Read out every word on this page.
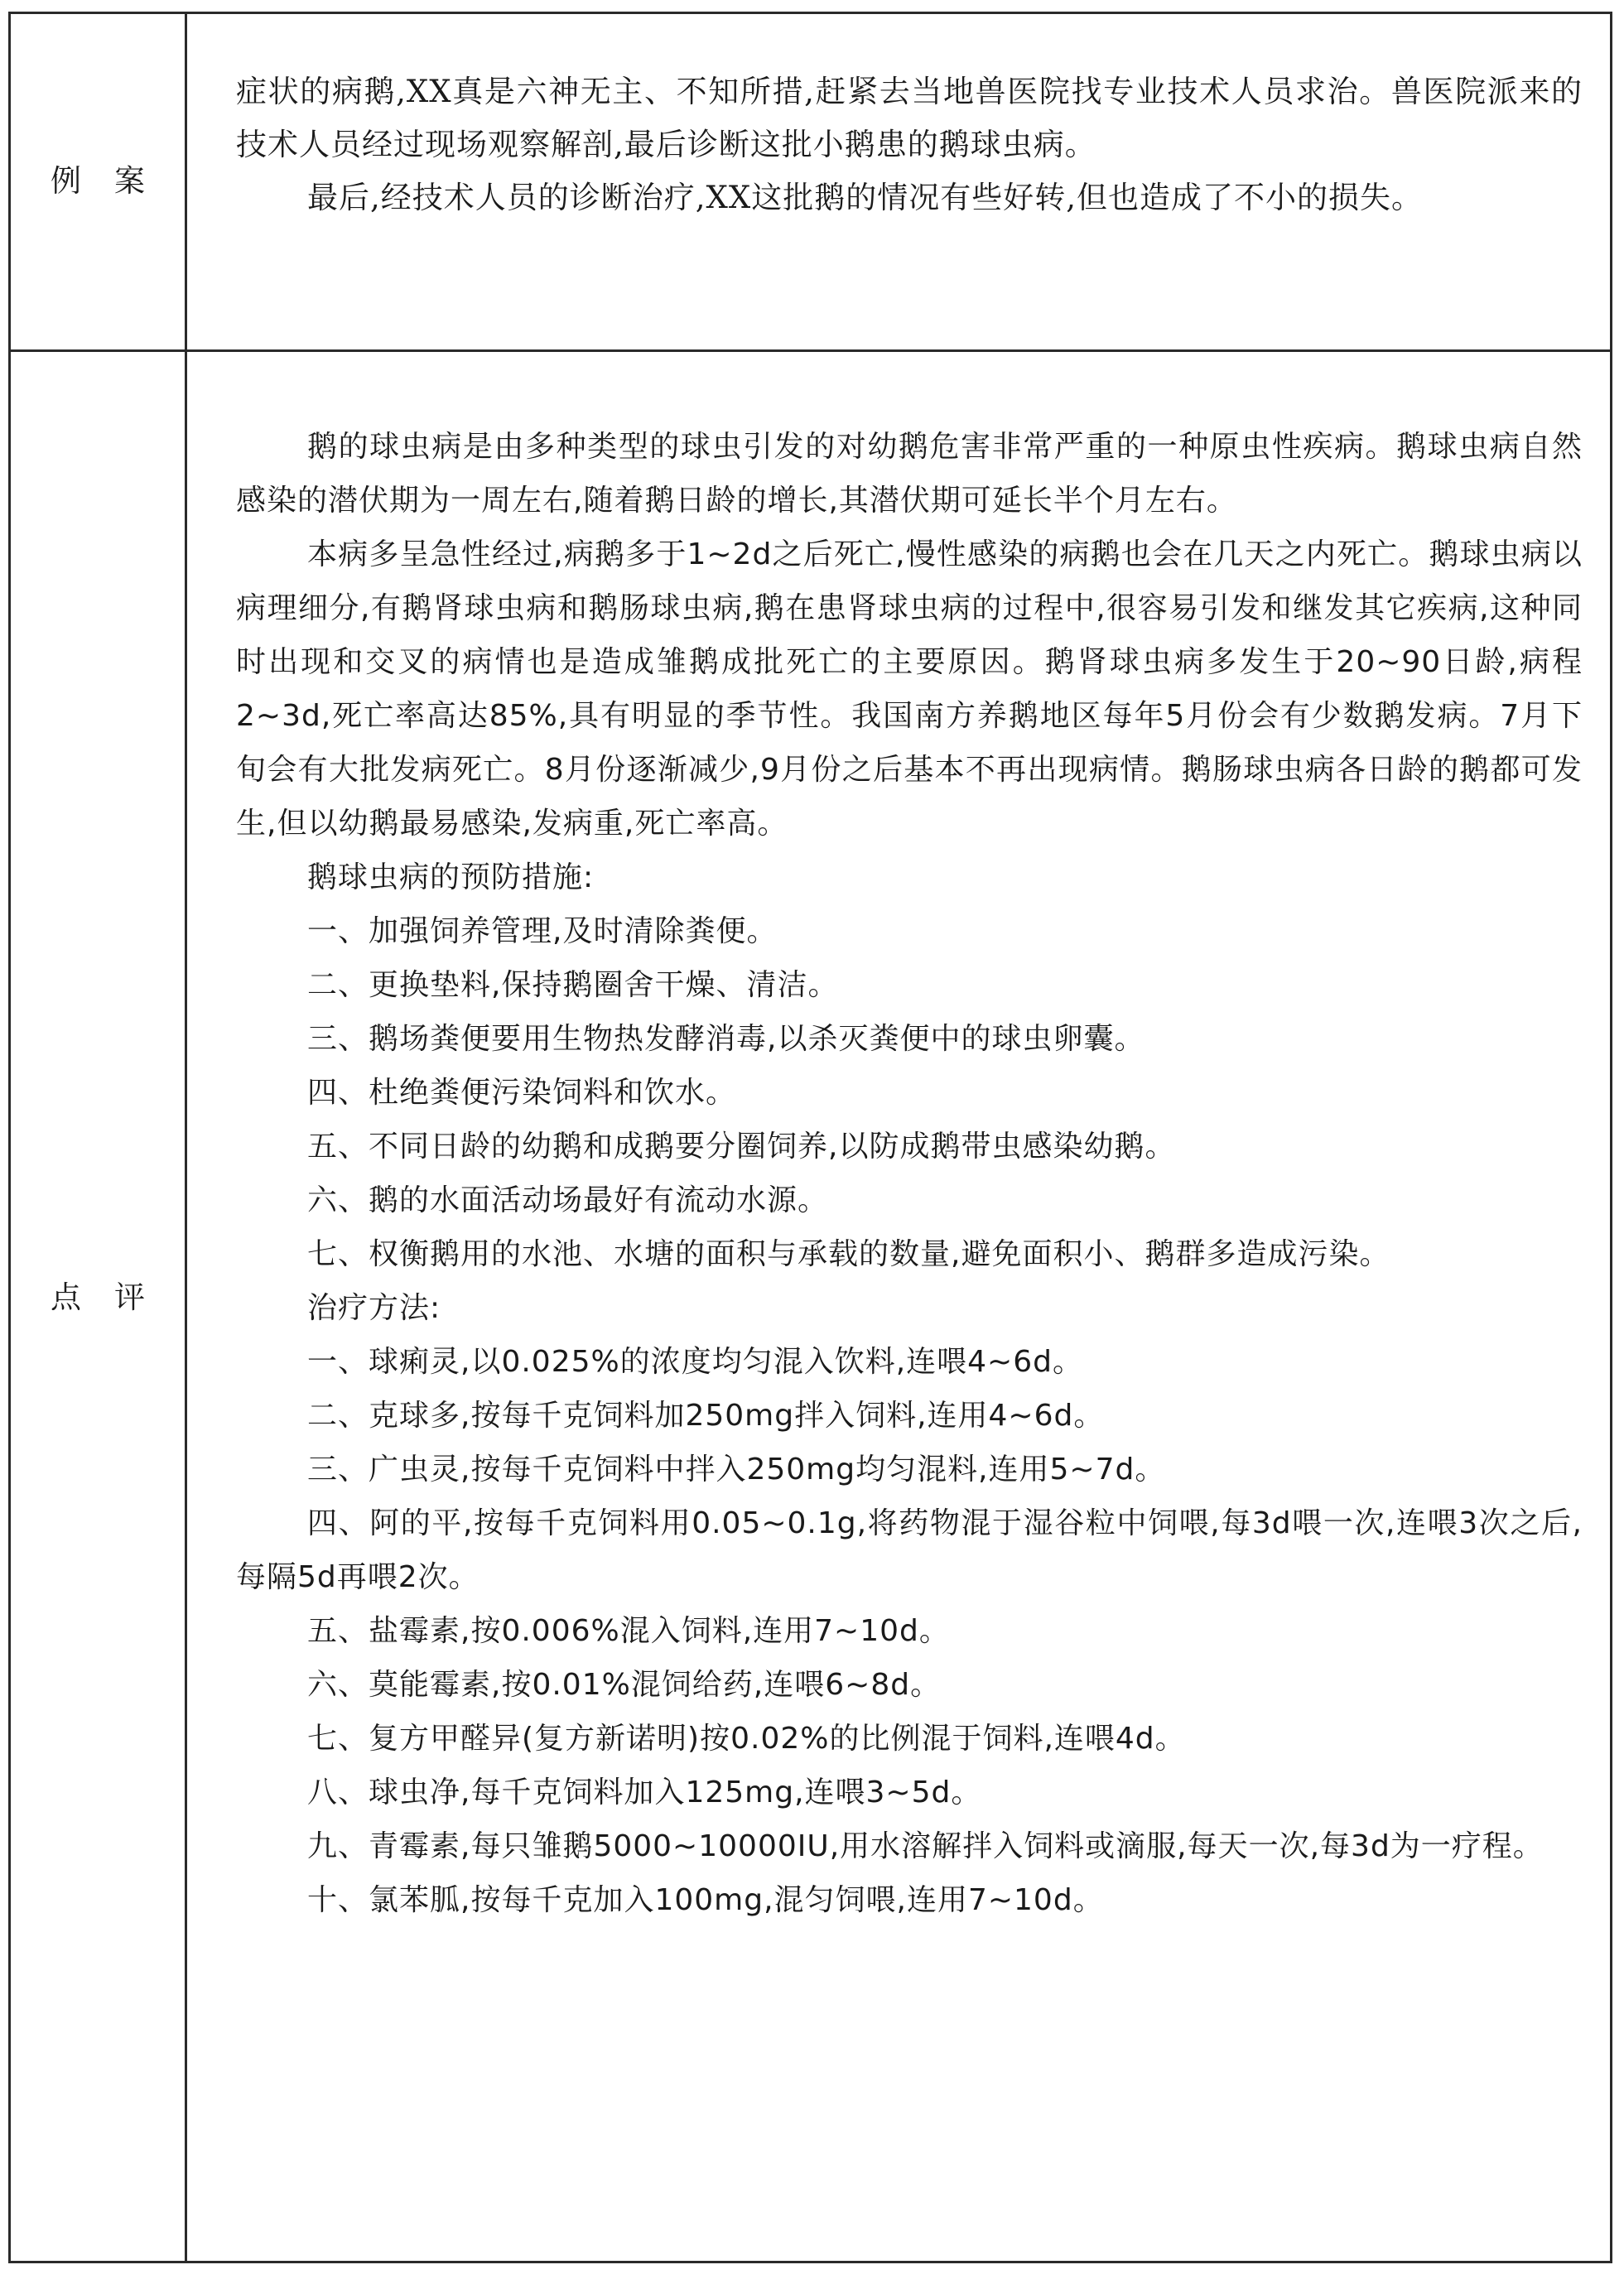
例案
点评

症状的病鹅,XX真是六神无主、不知所措,赶紧去当地兽医院找专业技术人员求治。兽医院派来的技术人员经过现场观察解剖,最后诊断这批小鹅患的鹅球虫病。

最后,经技术人员的诊断治疗,XX这批鹅的情况有些好转,但也造成了不小的损失。

鹅的球虫病是由多种类型的球虫引发的对幼鹅危害非常严重的一种原虫性疾病。鹅球虫病自然感染的潜伏期为一周左右,随着鹅日龄的增长,其潜伏期可延长半个月左右。

本病多呈急性经过,病鹅多于1~2d之后死亡,慢性感染的病鹅也会在几天之内死亡。鹅球虫病以病理细分,有鹅肾球虫病和鹅肠球虫病,鹅在患肾球虫病的过程中,很容易引发和继发其它疾病,这种同时出现和交叉的病情也是造成雏鹅成批死亡的主要原因。鹅肾球虫病多发生于20~90日龄,病程2~3d,死亡率高达85%,具有明显的季节性。我国南方养鹅地区每年5月份会有少数鹅发病。7月下旬会有大批发病死亡。8月份逐渐减少,9月份之后基本不再出现病情。鹅肠球虫病各日龄的鹅都可发生,但以幼鹅最易感染,发病重,死亡率高。

鹅球虫病的预防措施:

一、加强饲养管理,及时清除粪便。

二、更换垫料,保持鹅圈舍干燥、清洁。

三、鹅场粪便要用生物热发酵消毒,以杀灭粪便中的球虫卵囊。

四、杜绝粪便污染饲料和饮水。

五、不同日龄的幼鹅和成鹅要分圈饲养,以防成鹅带虫感染幼鹅。

六、鹅的水面活动场最好有流动水源。

七、权衡鹅用的水池、水塘的面积与承载的数量,避免面积小、鹅群多造成污染。

治疗方法:

一、球痢灵,以0.025%的浓度均匀混入饮料,连喂4~6d。

二、克球多,按每千克饲料加250mg拌入饲料,连用4~6d。

三、广虫灵,按每千克饲料中拌入250mg均匀混料,连用5~7d。

四、阿的平,按每千克饲料用0.05~0.1g,将药物混于湿谷粒中饲喂,每3d喂一次,连喂3次之后,每隔5d再喂2次。

五、盐霉素,按0.006%混入饲料,连用7~10d。

六、莫能霉素,按0.01%混饲给药,连喂6~8d。

七、复方甲醛异(复方新诺明)按0.02%的比例混于饲料,连喂4d。

八、球虫净,每千克饲料加入125mg,连喂3~5d。

九、青霉素,每只雏鹅5000~10000IU,用水溶解拌入饲料或滴服,每天一次,每3d为一疗程。

十、氯苯胍,按每千克加入100mg,混匀饲喂,连用7~10d。
